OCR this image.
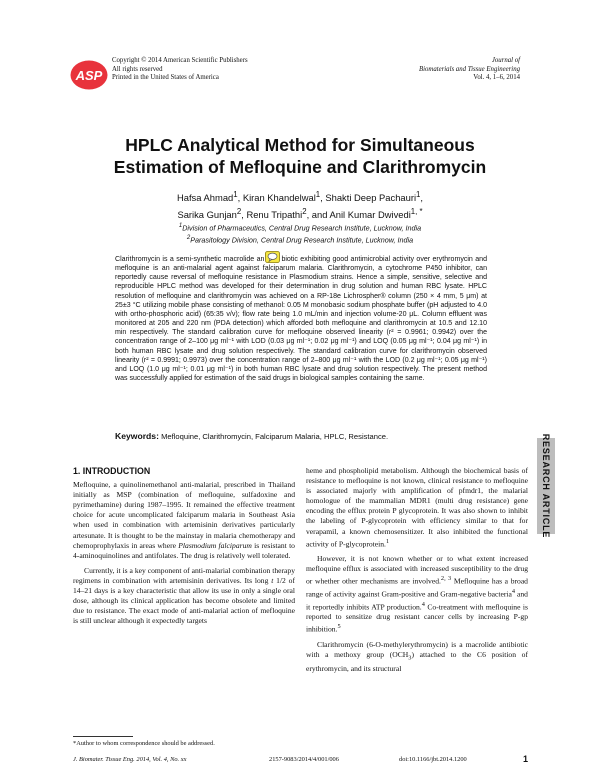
ASP
Copyright © 2014 American Scientific Publishers
All rights reserved
Printed in the United States of America
Journal of
Biomaterials and Tissue Engineering
Vol. 4, 1–6, 2014
HPLC Analytical Method for Simultaneous
Estimation of Mefloquine and Clarithromycin
Hafsa Ahmad$^1$, Kiran Khandelwal$^1$, Shakti Deep Pachauri$^1$,
Sarika Gunjan$^2$, Renu Tripathi$^2$, and Anil Kumar Dwivedi$^{1, *}$
$^1$Division of Pharmaceutics, Central Drug Research Institute, Lucknow, India
$^2$Parasitology Division, Central Drug Research Institute, Lucknow, India
Clarithromycin is a semi-synthetic macrolide an biotic exhibiting good antimicrobial activity over erythromycin and mefloquine is an anti-malarial agent against falciparum malaria. Clarithromycin, a cytochrome P450 inhibitor, can reportedly cause reversal of mefloquine resistance in Plasmodium strains. Hence a simple, sensitive, selective and reproducible HPLC method was developed for their determination in drug solution and human RBC lysate. HPLC resolution of mefloquine and clarithromycin was achieved on a RP-18e Lichrospher® column (250 × 4 mm, 5 μm) at 25±3 °C utilizing mobile phase consisting of methanol: 0.05 M monobasic sodium phosphate buffer (pH adjusted to 4.0 with ortho-phosphoric acid) (65:35 v/v); flow rate being 1.0 mL/min and injection volume-20 μL. Column effluent was monitored at 205 and 220 nm (PDA detection) which afforded both mefloquine and clarithromycin at 10.5 and 12.10 min respectively. The standard calibration curve for mefloquine observed linearity (r² = 0.9961; 0.9942) over the concentration range of 2–100 μg ml⁻¹ with LOD (0.03 μg ml⁻¹; 0.02 μg ml⁻¹) and LOQ (0.05 μg ml⁻¹; 0.04 μg ml⁻¹) in both human RBC lysate and drug solution respectively. The standard calibration curve for clarithromycin observed linearity (r² = 0.9991; 0.9973) over the concentration range of 2–800 μg ml⁻¹ with the LOD (0.2 μg ml⁻¹; 0.05 μg ml⁻¹) and LOQ (1.0 μg ml⁻¹; 0.01 μg ml⁻¹) in both human RBC lysate and drug solution respectively. The present method was successfully applied for estimation of the said drugs in biological samples containing the same.
Keywords: Mefloquine, Clarithromycin, Falciparum Malaria, HPLC, Resistance.	RESEARCH ARTICLE
1. INTRODUCTION

Mefloquine, a quinolinemethanol anti-malarial, prescribed in Thailand initially as MSP (combination of mefloquine, sulfadoxine and pyrimethamine) during 1987–1995. It remained the effective treatment choice for acute uncomplicated falciparum malaria in Southeast Asia when used in combination with artemisinin derivatives particularly artesunate. It is thought to be the mainstay in malaria chemotherapy and chemoprophylaxis in areas where Plasmodium falciparum is resistant to 4-aminoquinolines and antifolates. The drug is relatively well tolerated.

Currently, it is a key component of anti-malarial combination therapy regimens in combination with artemisinin derivatives. Its long t 1/2 of 14–21 days is a key characteristic that allow its use in only a single oral dose, although its clinical application has become obsolete and limited due to resistance. The exact mode of anti-malarial action of mefloquine is still unclear although it expectedly targets

heme and phospholipid metabolism. Although the biochemical basis of resistance to mefloquine is not known, clinical resistance to mefloquine is associated majorly with amplification of pfmdr1, the malarial homologue of the mammalian MDR1 (multi drug resistance) gene encoding the efflux protein P glycoprotein. It was also shown to inhibit the labeling of P-glycoprotein with efficiency similar to that for verapamil, a known chemosensitizer. It also inhibited the functional activity of P-glycoprotein.$^1$

However, it is not known whether or to what extent increased mefloquine efflux is associated with increased susceptibility to the drug or whether other mechanisms are involved.$^{2, 3}$ Mefloquine has a broad range of activity against Gram-positive and Gram-negative bacteria$^4$ and it reportedly inhibits ATP production.$^4$ Co-treatment with mefloquine is reported to sensitize drug resistant cancer cells by increasing P-gp inhibition.$^5$

Clarithromycin (6-O-methylerythromycin) is a macrolide antibiotic with a methoxy group $(OCH_3)$ attached to the C6 position of erythromycin, and its structural

*Author to whom correspondence should be addressed.
J. Biomater. Tissue Eng. 2014, Vol. 4, No. xx	2157-9083/2014/4/001/006	doi:10.1166/jbt.2014.1200	1
